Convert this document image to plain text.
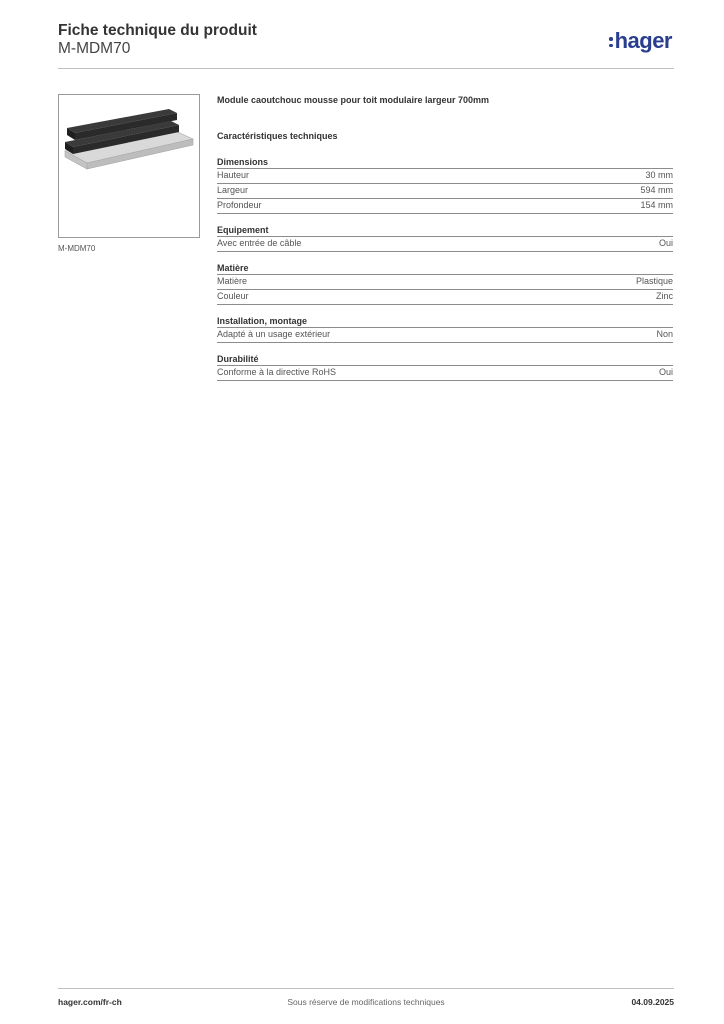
Fiche technique du produit
M-MDM70	hager
M-MDM70
Module caoutchouc mousse pour toit modulaire largeur 700mm
Caractéristiques techniques
Dimensions
Hauteur	30 mm
Largeur	594 mm
Profondeur	154 mm
Equipement
Avec entrée de câble	Oui
Matière
Matière	Plastique
Couleur	Zinc
Installation, montage
Adapté à un usage extérieur	Non
Durabilité
Conforme à la directive RoHS	Oui
Sous réserve de modifications techniques
hager.com/fr-ch	04.09.2025
